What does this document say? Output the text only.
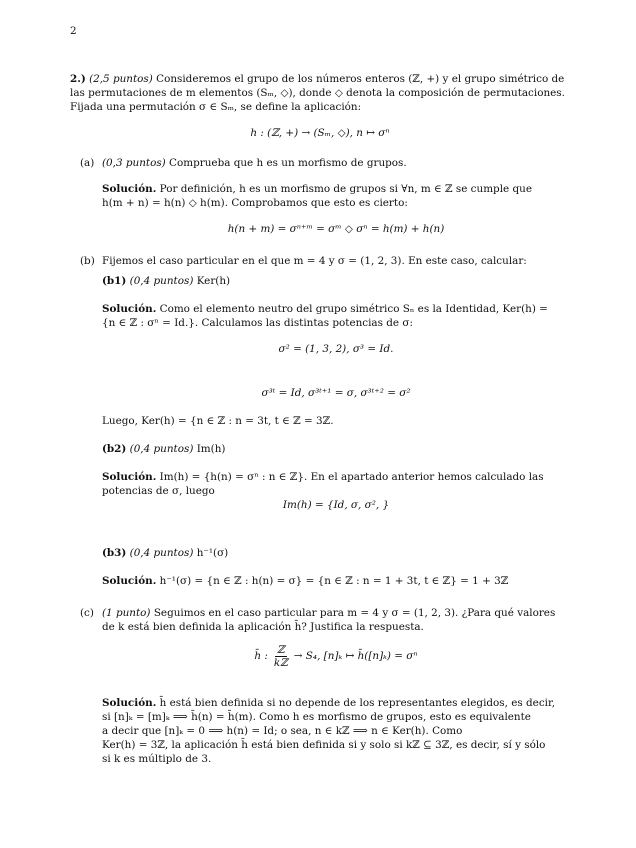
2
2.) (2,5 puntos) Consideremos el grupo de los números enteros (ℤ, +) y el grupo simétrico de
las permutaciones de m elementos (Sₘ, ◇), donde ◇ denota la composición de permutaciones.
Fijada una permutación σ ∈ Sₘ, se define la aplicación:
h : (ℤ, +) → (Sₘ, ◇), n ↦ σⁿ
(a) (0,3 puntos) Comprueba que h es un morfismo de grupos.
Solución. Por definición, h es un morfismo de grupos si ∀n, m ∈ ℤ se cumple que
h(m + n) = h(n) ◇ h(m). Comprobamos que esto es cierto:
h(n + m) = σⁿ⁺ᵐ = σᵐ ◇ σⁿ = h(m) + h(n)
(b) Fijemos el caso particular en el que m = 4 y σ = (1, 2, 3). En este caso, calcular:
(b1) (0,4 puntos) Ker(h)
Solución. Como el elemento neutro del grupo simétrico Sₙ es la Identidad, Ker(h) =
{n ∈ ℤ : σⁿ = Id.}. Calculamos las distintas potencias de σ:
σ² = (1, 3, 2), σ³ = Id.
σ³ᵗ = Id, σ³ᵗ⁺¹ = σ, σ³ᵗ⁺² = σ²
Luego, Ker(h) = {n ∈ ℤ : n = 3t, t ∈ ℤ = 3ℤ.
(b2) (0,4 puntos) Im(h)
Solución. Im(h) = {h(n) = σⁿ : n ∈ ℤ}. En el apartado anterior hemos calculado las
potencias de σ, luego
Im(h) = {Id, σ, σ², }
(b3) (0,4 puntos) h⁻¹(σ)
Solución. h⁻¹(σ) = {n ∈ ℤ : h(n) = σ} = {n ∈ ℤ : n = 1 + 3t, t ∈ ℤ} = 1 + 3ℤ
(c) (1 punto) Seguimos en el caso particular para m = 4 y σ = (1, 2, 3). ¿Para qué valores
de k está bien definida la aplicación h̄? Justifica la respuesta.
h̄ :
ℤ
kℤ
→ S₄, [n]ₖ ↦ h̄([n]ₖ) = σⁿ
Solución. h̄ está bien definida si no depende de los representantes elegidos, es decir,
si [n]ₖ = [m]ₖ ⟹ h̄(n) = h̄(m). Como h es morfismo de grupos, esto es equivalente
a decir que [n]ₖ = 0 ⟹ h(n) = Id; o sea, n ∈ kℤ ⟹ n ∈ Ker(h). Como
Ker(h) = 3ℤ, la aplicación h̄ está bien definida si y solo si kℤ ⊆ 3ℤ, es decir, sí y sólo
si k es múltiplo de 3.
